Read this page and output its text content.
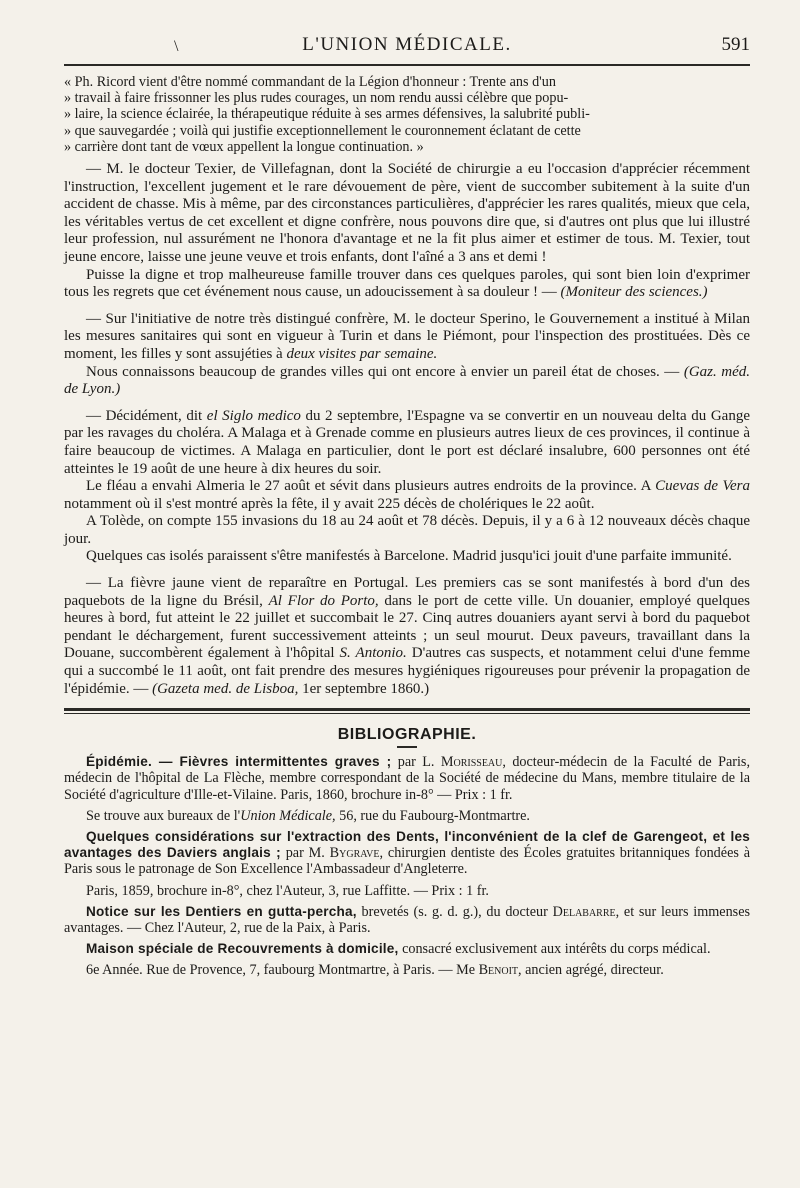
\	L'UNION MÉDICALE.	591
« Ph. Ricord vient d'être nommé commandant de la Légion d'honneur : Trente ans d'un
» travail à faire frissonner les plus rudes courages, un nom rendu aussi célèbre que popu-
» laire, la science éclairée, la thérapeutique réduite à ses armes défensives, la salubrité publi-
» que sauvegardée ; voilà qui justifie exceptionnellement le couronnement éclatant de cette
» carrière dont tant de vœux appellent la longue continuation. »

— M. le docteur Texier, de Villefagnan, dont la Société de chirurgie a eu l'occasion d'apprécier récemment l'instruction, l'excellent jugement et le rare dévouement de père, vient de succomber subitement à la suite d'un accident de chasse. Mis à même, par des circonstances particulières, d'apprécier les rares qualités, mieux que cela, les véritables vertus de cet excellent et digne confrère, nous pouvons dire que, si d'autres ont plus que lui illustré leur profession, nul assurément ne l'honora d'avantage et ne la fit plus aimer et estimer de tous. M. Texier, tout jeune encore, laisse une jeune veuve et trois enfants, dont l'aîné a 3 ans et demi !

Puisse la digne et trop malheureuse famille trouver dans ces quelques paroles, qui sont bien loin d'exprimer tous les regrets que cet événement nous cause, un adoucissement à sa douleur ! — (Moniteur des sciences.)

— Sur l'initiative de notre très distingué confrère, M. le docteur Sperino, le Gouvernement a institué à Milan les mesures sanitaires qui sont en vigueur à Turin et dans le Piémont, pour l'inspection des prostituées. Dès ce moment, les filles y sont assujéties à deux visites par semaine.

Nous connaissons beaucoup de grandes villes qui ont encore à envier un pareil état de choses. — (Gaz. méd. de Lyon.)

— Décidément, dit el Siglo medico du 2 septembre, l'Espagne va se convertir en un nouveau delta du Gange par les ravages du choléra. A Malaga et à Grenade comme en plusieurs autres lieux de ces provinces, il continue à faire beaucoup de victimes. A Malaga en particulier, dont le port est déclaré insalubre, 600 personnes ont été atteintes le 19 août de une heure à dix heures du soir.

Le fléau a envahi Almeria le 27 août et sévit dans plusieurs autres endroits de la province. A Cuevas de Vera notamment où il s'est montré après la fête, il y avait 225 décès de cholériques le 22 août.

A Tolède, on compte 155 invasions du 18 au 24 août et 78 décès. Depuis, il y a 6 à 12 nouveaux décès chaque jour.

Quelques cas isolés paraissent s'être manifestés à Barcelone. Madrid jusqu'ici jouit d'une parfaite immunité.

— La fièvre jaune vient de reparaître en Portugal. Les premiers cas se sont manifestés à bord d'un des paquebots de la ligne du Brésil, Al Flor do Porto, dans le port de cette ville. Un douanier, employé quelques heures à bord, fut atteint le 22 juillet et succombait le 27. Cinq autres douaniers ayant servi à bord du paquebot pendant le déchargement, furent successivement atteints ; un seul mourut. Deux paveurs, travaillant dans la Douane, succombèrent également à l'hôpital S. Antonio. D'autres cas suspects, et notamment celui d'une femme qui a succombé le 11 août, ont fait prendre des mesures hygiéniques rigoureuses pour prévenir la propagation de l'épidémie. — (Gazeta med. de Lisboa, 1er septembre 1860.)

BIBLIOGRAPHIE.

Épidémie. — Fièvres intermittentes graves ; par L. Morisseau, docteur-médecin de la Faculté de Paris, médecin de l'hôpital de La Flèche, membre correspondant de la Société de médecine du Mans, membre titulaire de la Société d'agriculture d'Ille-et-Vilaine. Paris, 1860, brochure in-8° — Prix : 1 fr.

Se trouve aux bureaux de l'Union Médicale, 56, rue du Faubourg-Montmartre.

Quelques considérations sur l'extraction des Dents, l'inconvénient de la clef de Garengeot, et les avantages des Daviers anglais ; par M. Bygrave, chirurgien dentiste des Écoles gratuites britanniques fondées à Paris sous le patronage de Son Excellence l'Ambassadeur d'Angleterre.

Paris, 1859, brochure in-8°, chez l'Auteur, 3, rue Laffitte. — Prix : 1 fr.

Notice sur les Dentiers en gutta-percha, brevetés (s. g. d. g.), du docteur Delabarre, et sur leurs immenses avantages. — Chez l'Auteur, 2, rue de la Paix, à Paris.

Maison spéciale de Recouvrements à domicile, consacré exclusivement aux intérêts du corps médical.

6e Année. Rue de Provence, 7, faubourg Montmartre, à Paris. — Me Benoit, ancien agrégé, directeur.
